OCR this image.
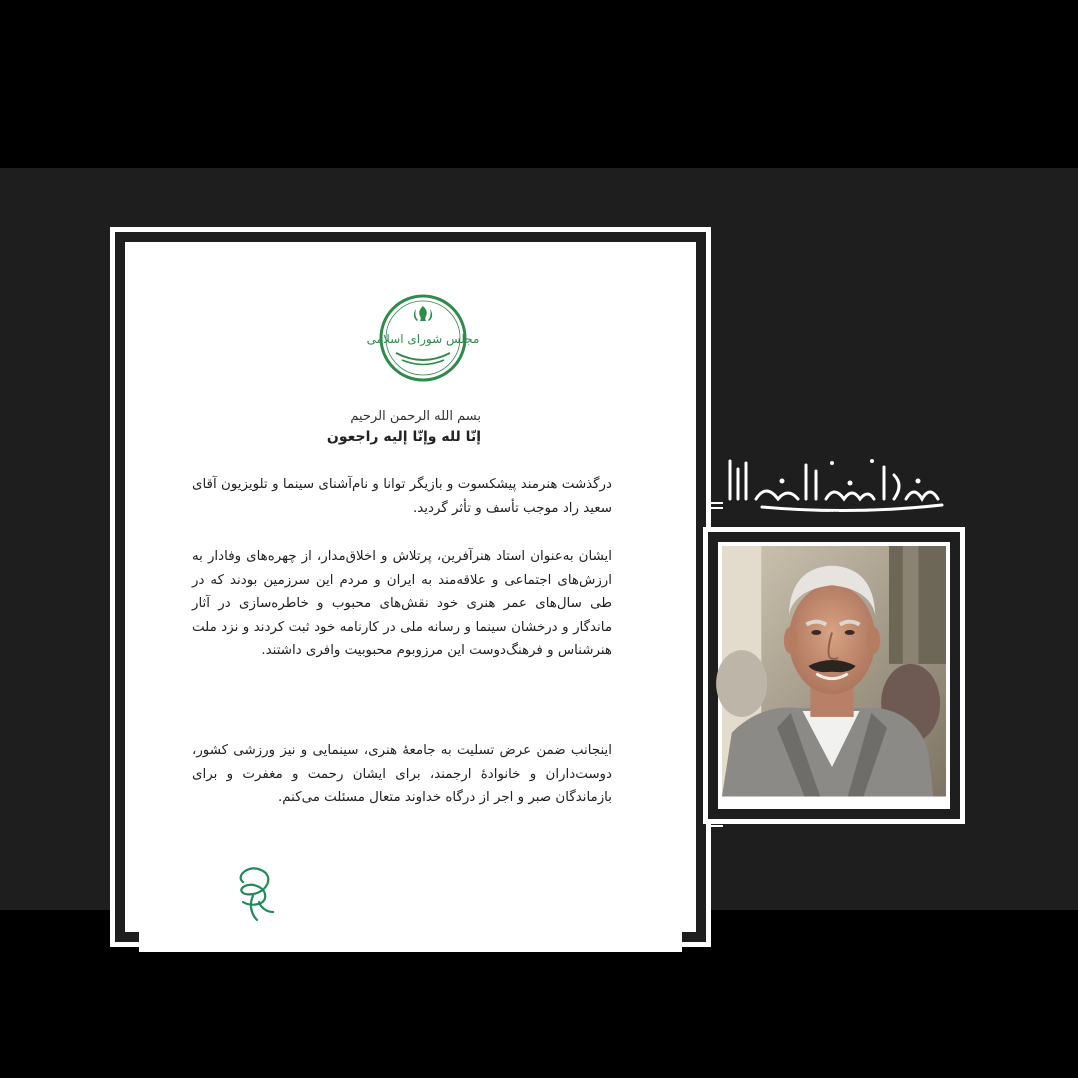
مجلس شورای اسلامی
بسم الله الرحمن الرحیم
إنّا لله وإنّا إلیه راجعون

درگذشت هنرمند پیشکسوت و بازیگر توانا و نام‌آشنای سینما و تلویزیون آقای سعید راد موجب تأسف و تأثر گردید.

ایشان به‌عنوان استاد هنرآفرین، پرتلاش و اخلاق‌مدار، از چهره‌های وفادار به ارزش‌های اجتماعی و علاقه‌مند به ایران و مردم این سرزمین بودند که در طی سال‌های عمر هنری خود نقش‌های محبوب و خاطره‌سازی در آثار ماندگار و درخشان سینما و رسانه ملی در کارنامه خود ثبت کردند و نزد ملت هنرشناس و فرهنگ‌دوست این مرزوبوم محبوبیت وافری داشتند.

اینجانب ضمن عرض تسلیت به جامعهٔ هنری، سینمایی و نیز ورزشی کشور، دوست‌داران و خانوادهٔ ارجمند، برای ایشان رحمت و مغفرت و برای بازماندگان صبر و اجر از درگاه خداوند متعال مسئلت می‌کنم.

إنا لله وإنا إلیه راجعون
